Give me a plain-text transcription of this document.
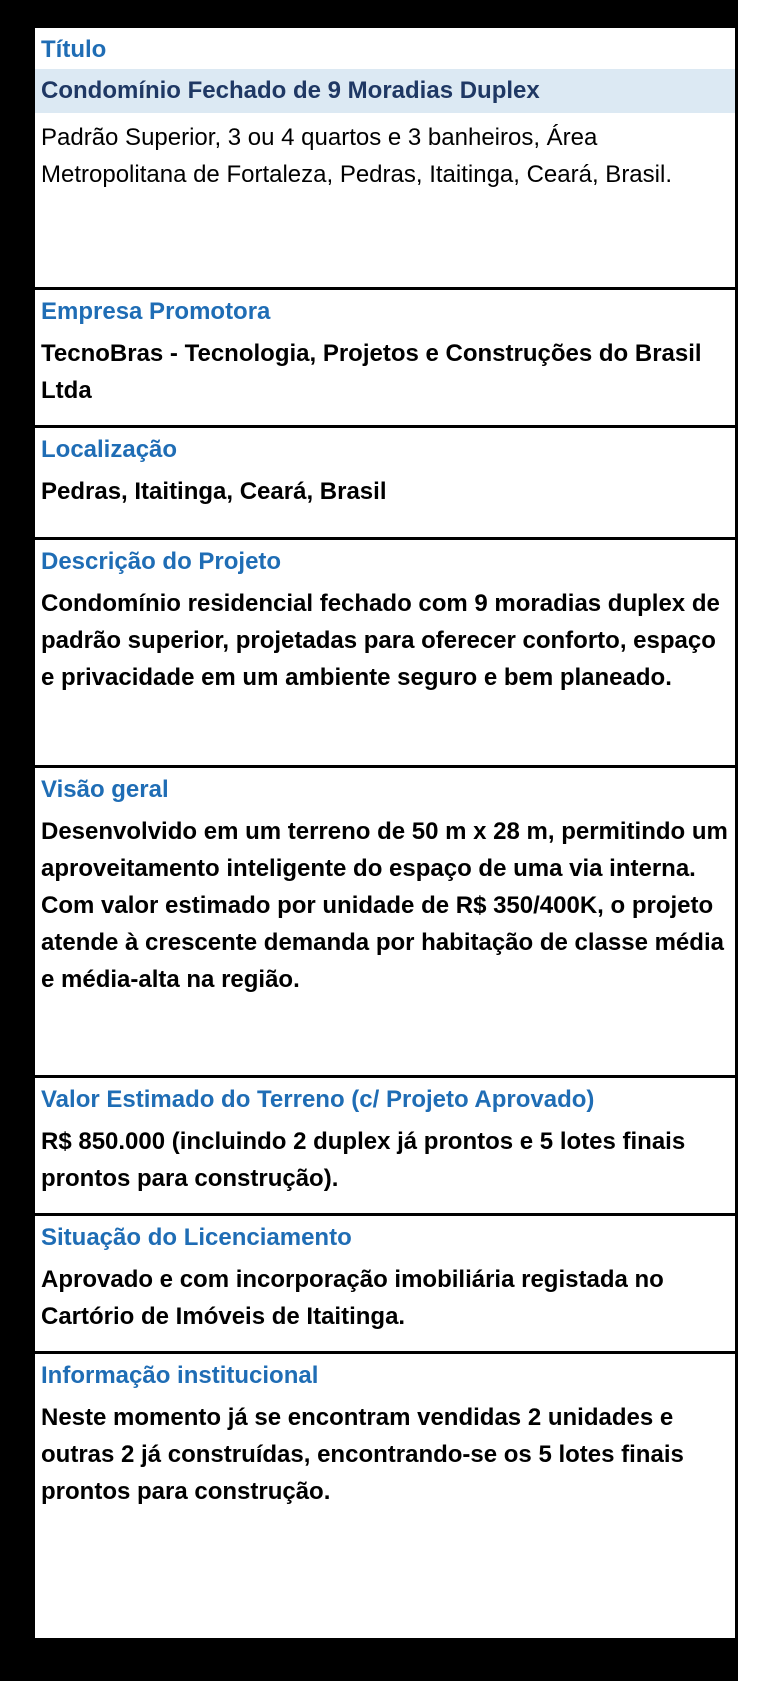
Título
Condomínio Fechado de 9 Moradias Duplex
Padrão Superior, 3 ou 4 quartos e 3 banheiros, Área Metropolitana de Fortaleza, Pedras, Itaitinga, Ceará, Brasil.
Empresa Promotora
TecnoBras - Tecnologia, Projetos e Construções do Brasil Ltda
Localização
Pedras, Itaitinga, Ceará, Brasil
Descrição do Projeto
Condomínio residencial fechado com 9 moradias duplex de padrão superior, projetadas para oferecer conforto, espaço e privacidade em um ambiente seguro e bem planeado.
Visão geral
Desenvolvido em um terreno de 50 m x 28 m, permitindo um aproveitamento inteligente do espaço de uma via interna. Com valor estimado por unidade de R$ 350/400K, o projeto atende à crescente demanda por habitação de classe média e média-alta na região.
Valor Estimado do Terreno (c/ Projeto Aprovado)
R$ 850.000 (incluindo 2 duplex já prontos e 5 lotes finais prontos para construção).
Situação do Licenciamento
Aprovado e com incorporação imobiliária registada no Cartório de Imóveis de Itaitinga.
Informação institucional
Neste momento já se encontram vendidas 2 unidades e outras 2 já construídas, encontrando-se os 5 lotes finais prontos para construção.
